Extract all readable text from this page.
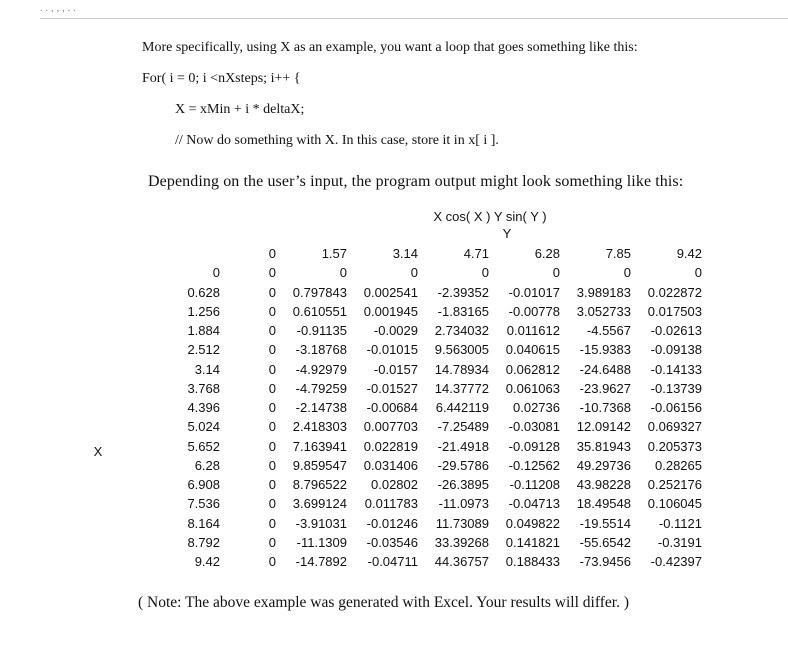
. . , , , . .
More specifically, using X as an example, you want a loop that goes something like this:
For( i = 0; i <nXsteps; i++ {
X = xMin + i * deltaX;
// Now do something with X. In this case, store it in x[ i ].
Depending on the user’s input, the program output might look something like this:
X cos( X ) Y sin( Y )
Y
X
	0	1.57	3.14	4.71	6.28	7.85	9.42
0	0	0	0	0	0	0	0
0.628	0	0.797843	0.002541	-2.39352	-0.01017	3.989183	0.022872
1.256	0	0.610551	0.001945	-1.83165	-0.00778	3.052733	0.017503
1.884	0	-0.91135	-0.0029	2.734032	0.011612	-4.5567	-0.02613
2.512	0	-3.18768	-0.01015	9.563005	0.040615	-15.9383	-0.09138
3.14	0	-4.92979	-0.0157	14.78934	0.062812	-24.6488	-0.14133
3.768	0	-4.79259	-0.01527	14.37772	0.061063	-23.9627	-0.13739
4.396	0	-2.14738	-0.00684	6.442119	0.02736	-10.7368	-0.06156
5.024	0	2.418303	0.007703	-7.25489	-0.03081	12.09142	0.069327
5.652	0	7.163941	0.022819	-21.4918	-0.09128	35.81943	0.205373
6.28	0	9.859547	0.031406	-29.5786	-0.12562	49.29736	0.28265
6.908	0	8.796522	0.02802	-26.3895	-0.11208	43.98228	0.252176
7.536	0	3.699124	0.011783	-11.0973	-0.04713	18.49548	0.106045
8.164	0	-3.91031	-0.01246	11.73089	0.049822	-19.5514	-0.1121
8.792	0	-11.1309	-0.03546	33.39268	0.141821	-55.6542	-0.3191
9.42	0	-14.7892	-0.04711	44.36757	0.188433	-73.9456	-0.42397
( Note: The above example was generated with Excel. Your results will differ. )
